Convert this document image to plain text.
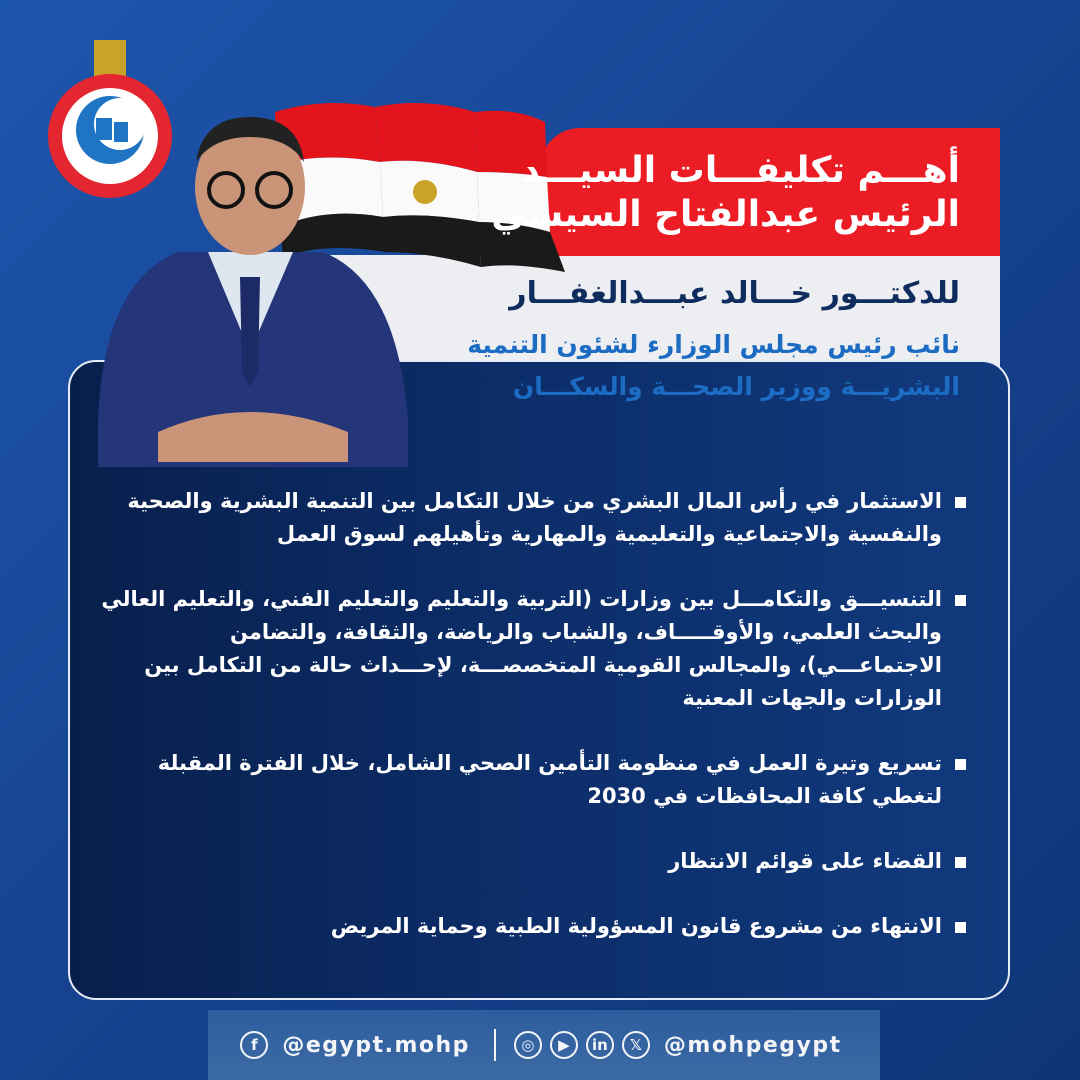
أهـــم تكليفـــات السيـــد
الرئيس عبدالفتاح السيسي
للدكتـــور خـــالد عبـــدالغفـــار
نائب رئيس مجلس الوزارء لشئون التنمية
البشريـــة ووزير الصحـــة والسكـــان
الاستثمار في رأس المال البشري من خلال التكامل بين التنمية البشرية والصحية والنفسية والاجتماعية والتعليمية والمهارية وتأهيلهم لسوق العمل
التنسيـــق والتكامـــل بين وزارات (التربية والتعليم والتعليم الفني، والتعليم العالي والبحث العلمي، والأوقـــــاف، والشباب والرياضة، والثقافة، والتضامن الاجتماعـــي)، والمجالس القومية المتخصصـــة، لإحـــداث حالة من التكامل بين الوزارات والجهات المعنية
تسريع وتيرة العمل في منظومة التأمين الصحي الشامل، خلال الفترة المقبلة لتغطي كافة المحافظات في 2030
القضاء على قوائم الانتظار
الانتهاء من مشروع قانون المسؤولية الطبية وحماية المريض
f	@egypt.mohp	◎	▶	in	𝕏 @mohpegypt
